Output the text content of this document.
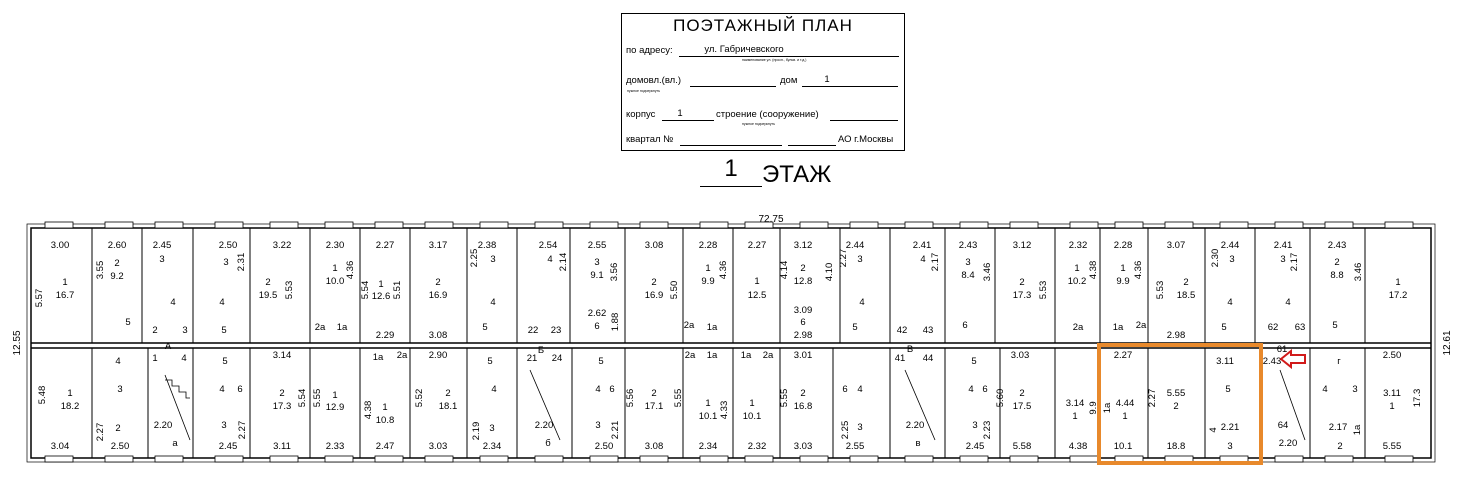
ПОЭТАЖНЫЙ ПЛАН
по адресу:	ул. Габричевского
наименование ул. (просп., бульв. и т.д.)
домовл.(вл.)
нужное подчеркнуть
дом	1
корпус	1	строение (сооружение)
нужное подчеркнуть
квартал №	АО г.Москвы
1	ЭТАЖ
3.00
1
16.7
5.57
5
2.60
2
9.2
3.55
2.45
3
4
2	3
A
2.50
3 2.31
4
5
3.22
2
19.5 5.53
2.30
1
10.0
4.36
2a
2.27
5.54 1
12.6 5.51
1a
2.29
3.17
2
16.9
3.08
2.38
3
2.25
4
5
2.54
4 2.14
22 23
2.55
3
9.1 3.56
2.62
6 1.88
3.08
2
16.9 5.50
2.28
1
9.9
4.36
2a 1a
2.27
1
12.5
3.12
2
12.8
4.14	4.10
3.09
6
2.98
2.44
3
2.27
4
5
2.41
4 2.17
42 43
2.43
3
8.4 3.46
6
3.12
2
17.3 5.53
2.32
1
10.2
4.38
2a
2.28
1
9.9
4.36
1a 2a
3.07
2
18.5
5.53
2.98
2.44
3
2.30
4
5
2.41
3 2.17
4
62 63
2.43
2
8.8 3.46
5
1
17.2
5.48 1
18.2
3.04
4
3
2.27 2
2.50
1 4
2.20
a
5
4 6
3 2.27
2.45
3.14
2
17.3 5.54
3.11
5.55 1
12.9
2.33
1a 2a
4.38 1
10.8
2.47
2.90
5.52 2
18.1
3.03
5
4
2.19 3
2.34
21
Б
24
2.20
б
5
4 6
3 2.21
2.50
5.56 2
17.1
3.08
2a 1a
5.55 1
10.1 4.33
2.34
1a 2a
1
10.1
2.32
3.01
5.55 2
16.8
3.03
6 4
2.25 3
2.55
41
B
44
2.20
в
5
4 6
3 2.23
2.45
3.03
5.60 2
17.5
5.58
3.14
1
9.9
4.38
2.27
1a 4.44
1
10.1
2.27 5.55
2
18.8
3.11
5
4 2.21
3
2.43
61
64
2.20
г
4	3
1a
2.17
2
2.50
3.11
1 17.3
5.55
72.75
12.55	12.61
